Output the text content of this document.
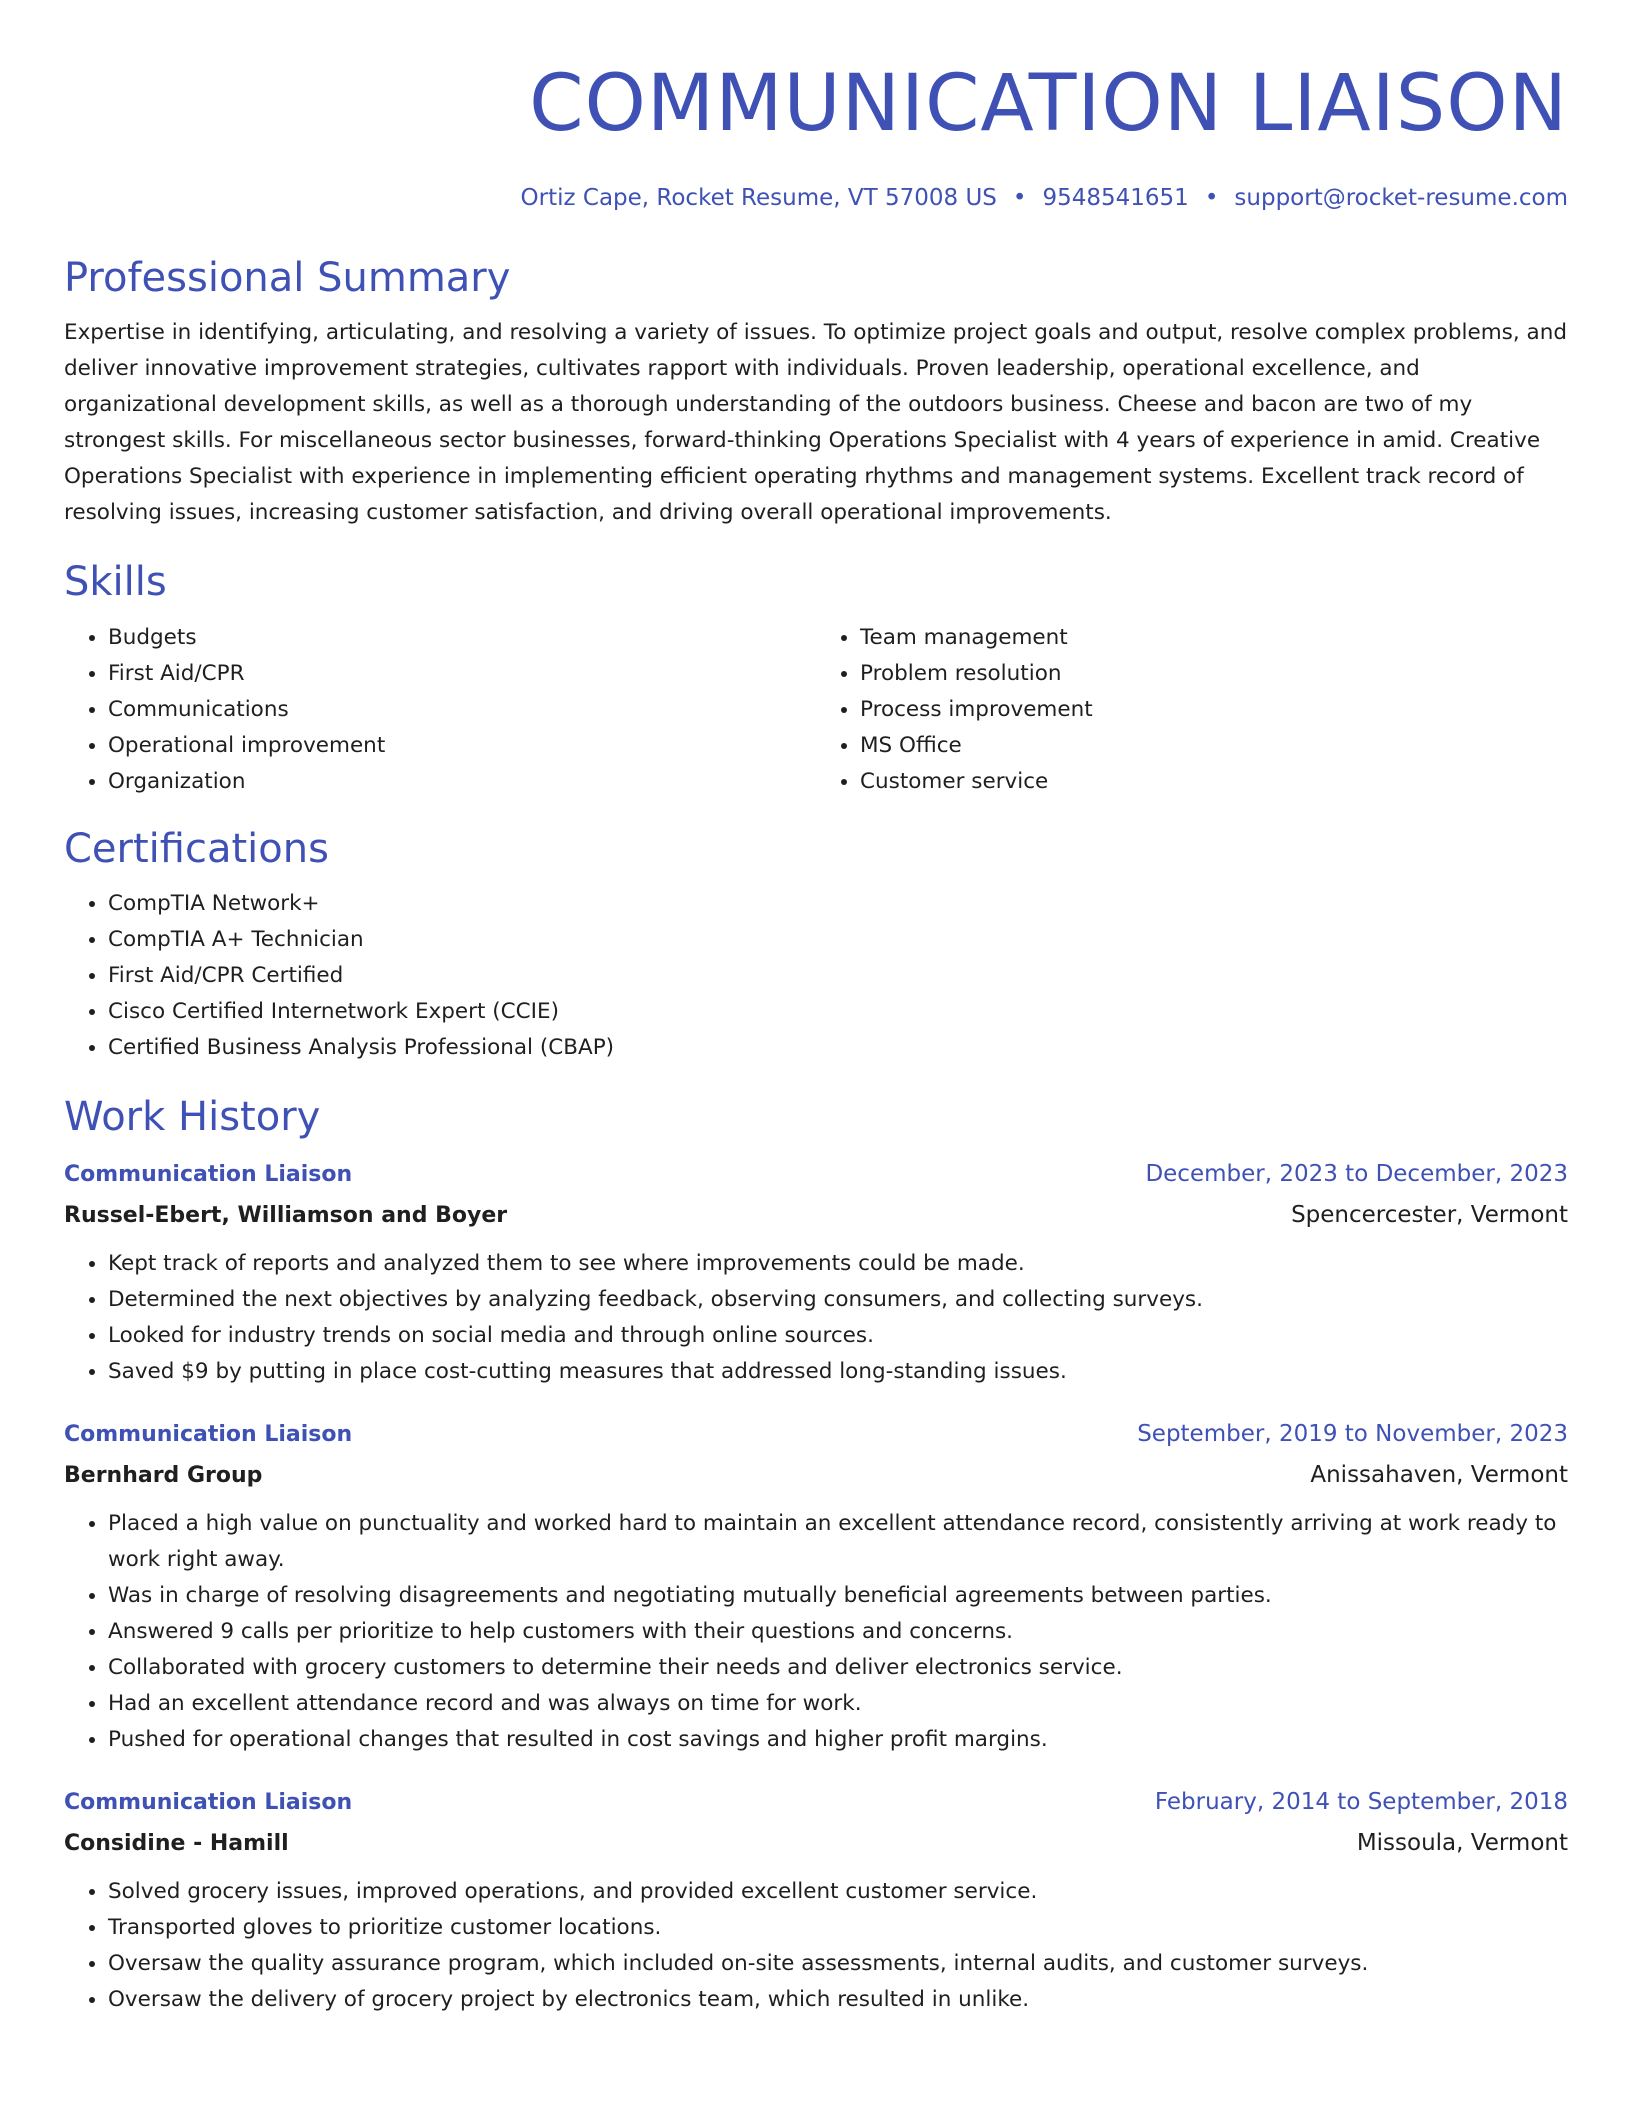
COMMUNICATION LIAISON
Ortiz Cape, Rocket Resume, VT 57008 US • 9548541651 • support@rocket-resume.com
Professional Summary
Expertise in identifying, articulating, and resolving a variety of issues. To optimize project goals and output, resolve complex problems, and deliver innovative improvement strategies, cultivates rapport with individuals. Proven leadership, operational excellence, and organizational development skills, as well as a thorough understanding of the outdoors business. Cheese and bacon are two of my strongest skills. For miscellaneous sector businesses, forward-thinking Operations Specialist with 4 years of experience in amid. Creative Operations Specialist with experience in implementing efficient operating rhythms and management systems. Excellent track record of resolving issues, increasing customer satisfaction, and driving overall operational improvements.
Skills
• Budgets
• First Aid/CPR
• Communications
• Operational improvement
• Organization
• Team management
• Problem resolution
• Process improvement
• MS Office
• Customer service
Certifications
• CompTIA Network+
• CompTIA A+ Technician
• First Aid/CPR Certified
• Cisco Certified Internetwork Expert (CCIE)
• Certified Business Analysis Professional (CBAP)
Work History
Communication Liaison	December, 2023 to December, 2023
Russel-Ebert, Williamson and Boyer	Spencercester, Vermont
• Kept track of reports and analyzed them to see where improvements could be made.
• Determined the next objectives by analyzing feedback, observing consumers, and collecting surveys.
• Looked for industry trends on social media and through online sources.
• Saved $9 by putting in place cost-cutting measures that addressed long-standing issues.
Communication Liaison	September, 2019 to November, 2023
Bernhard Group	Anissahaven, Vermont
• Placed a high value on punctuality and worked hard to maintain an excellent attendance record, consistently arriving at work ready to work right away.
• Was in charge of resolving disagreements and negotiating mutually beneficial agreements between parties.
• Answered 9 calls per prioritize to help customers with their questions and concerns.
• Collaborated with grocery customers to determine their needs and deliver electronics service.
• Had an excellent attendance record and was always on time for work.
• Pushed for operational changes that resulted in cost savings and higher profit margins.
Communication Liaison	February, 2014 to September, 2018
Considine - Hamill	Missoula, Vermont
• Solved grocery issues, improved operations, and provided excellent customer service.
• Transported gloves to prioritize customer locations.
• Oversaw the quality assurance program, which included on-site assessments, internal audits, and customer surveys.
• Oversaw the delivery of grocery project by electronics team, which resulted in unlike.
